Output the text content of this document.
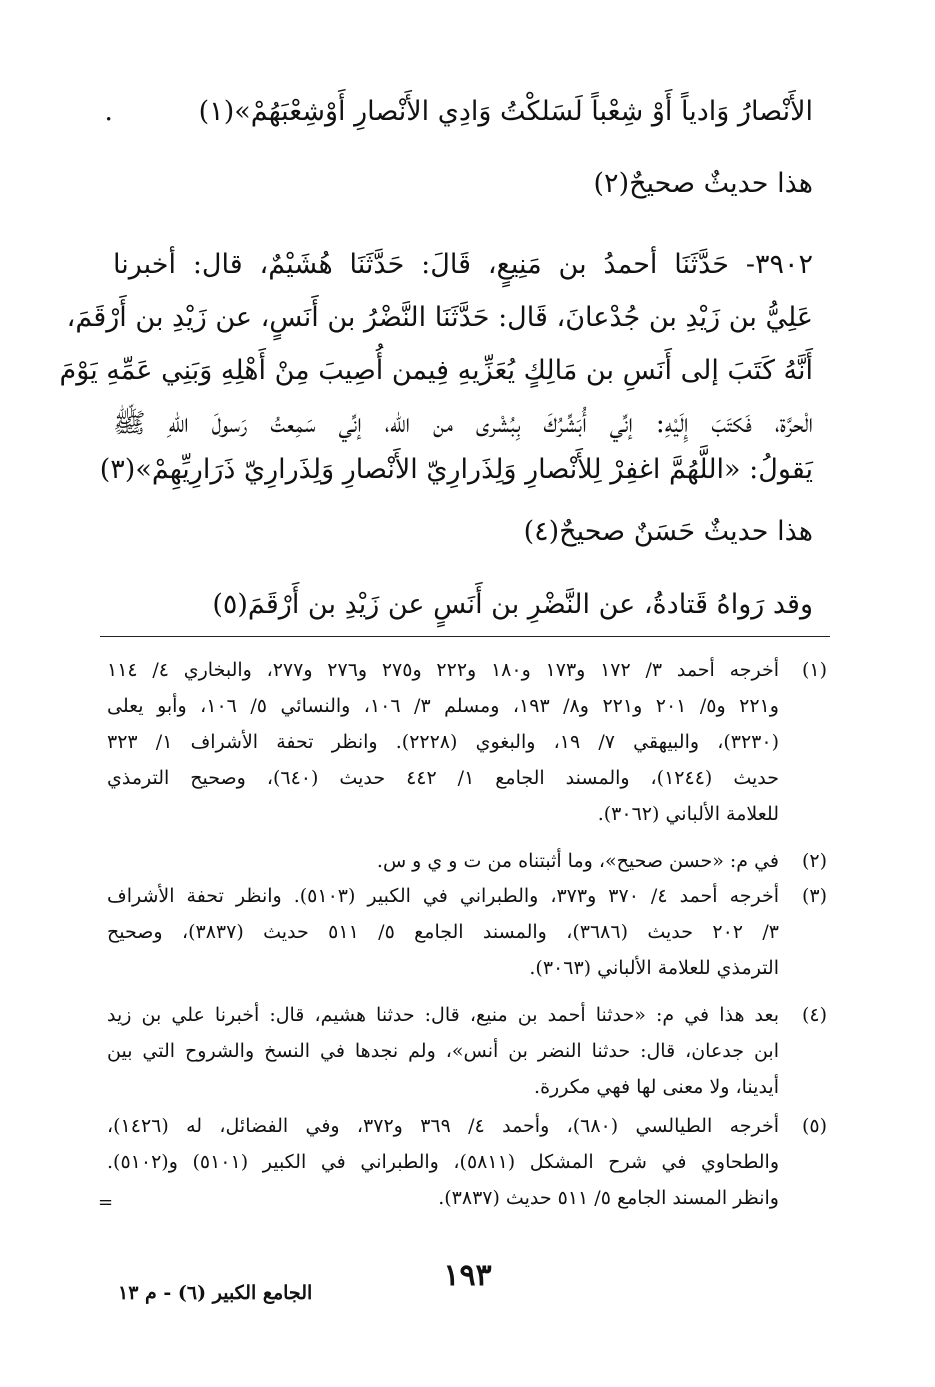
الأَنْصارُ وَادياً أَوْ شِعْباً لَسَلكْتُ وَادِي الأَنْصارِ أَوْشِعْبَهُمْ»(١)
.
هذا حديثٌ صحيحٌ(٢)
٣٩٠٢- حَدَّثَنَا أحمدُ بن مَنِيعٍ، قَالَ: حَدَّثَنَا هُشَيْمٌ، قال: أخبرنا
عَلِيُّ بن زَيْدِ بن جُدْعانَ، قَال: حَدَّثَنَا النَّضْرُ بن أَنَسٍ، عن زَيْدِ بن أَرْقَمَ،
أَنَّهُ كَتَبَ إلى أَنَسِ بن مَالِكٍ يُعَزِّيهِ فِيمن أُصِيبَ مِنْ أَهْلِهِ وَبَنِي عَمِّهِ يَوْمَ
الْحرَّة، فَكتَبَ إِلَيْهِ: إنِّي أُبَشِّرُكَ بِبُشْرى من الله، إنِّي سَمِعتُ رَسولَ اللهِ ﷺ
يَقولُ: «اللَّهُمَّ اغفِرْ لِلأَنْصارِ وَلِذَرارِيّ الأَنْصارِ وَلِذَرارِيّ ذَرَارِيِّهِمْ»(٣)
هذا حديثٌ حَسَنٌ صحيحٌ(٤)
وقد رَواهُ قَتادةُ، عن النَّضْرِ بن أَنَسٍ عن زَيْدِ بن أَرْقَمَ(٥)
(١)
أخرجه أحمد ٣/ ١٧٢ و١٧٣ و١٨٠ و٢٢٢ و٢٧٥ و٢٧٦ و٢٧٧، والبخاري ٤/ ١١٤
و٢٢١ و٥/ ٢٠١ و٢٢١ و٨/ ١٩٣، ومسلم ٣/ ١٠٦، والنسائي ٥/ ١٠٦، وأبو يعلى
(٣٢٣٠)، والبيهقي ٧/ ١٩، والبغوي (٢٢٢٨). وانظر تحفة الأشراف ١/ ٣٢٣
حديث (١٢٤٤)، والمسند الجامع ١/ ٤٤٢ حديث (٦٤٠)، وصحيح الترمذي
للعلامة الألباني (٣٠٦٢).
(٢)
في م: «حسن صحيح»، وما أثبتناه من ت و ي و س.
(٣)
أخرجه أحمد ٤/ ٣٧٠ و٣٧٣، والطبراني في الكبير (٥١٠٣). وانظر تحفة الأشراف
٣/ ٢٠٢ حديث (٣٦٨٦)، والمسند الجامع ٥/ ٥١١ حديث (٣٨٣٧)، وصحيح
الترمذي للعلامة الألباني (٣٠٦٣).
(٤)
بعد هذا في م: «حدثنا أحمد بن منيع، قال: حدثنا هشيم، قال: أخبرنا علي بن زيد
ابن جدعان، قال: حدثنا النضر بن أنس»، ولم نجدها في النسخ والشروح التي بين
أيدينا، ولا معنى لها فهي مكررة.
(٥)
أخرجه الطيالسي (٦٨٠)، وأحمد ٤/ ٣٦٩ و٣٧٢، وفي الفضائل، له (١٤٢٦)،
والطحاوي في شرح المشكل (٥٨١١)، والطبراني في الكبير (٥١٠١) و(٥١٠٢).
وانظر المسند الجامع ٥/ ٥١١ حديث (٣٨٣٧).
=
١٩٣
الجامع الكبير (٦) - م ١٣
